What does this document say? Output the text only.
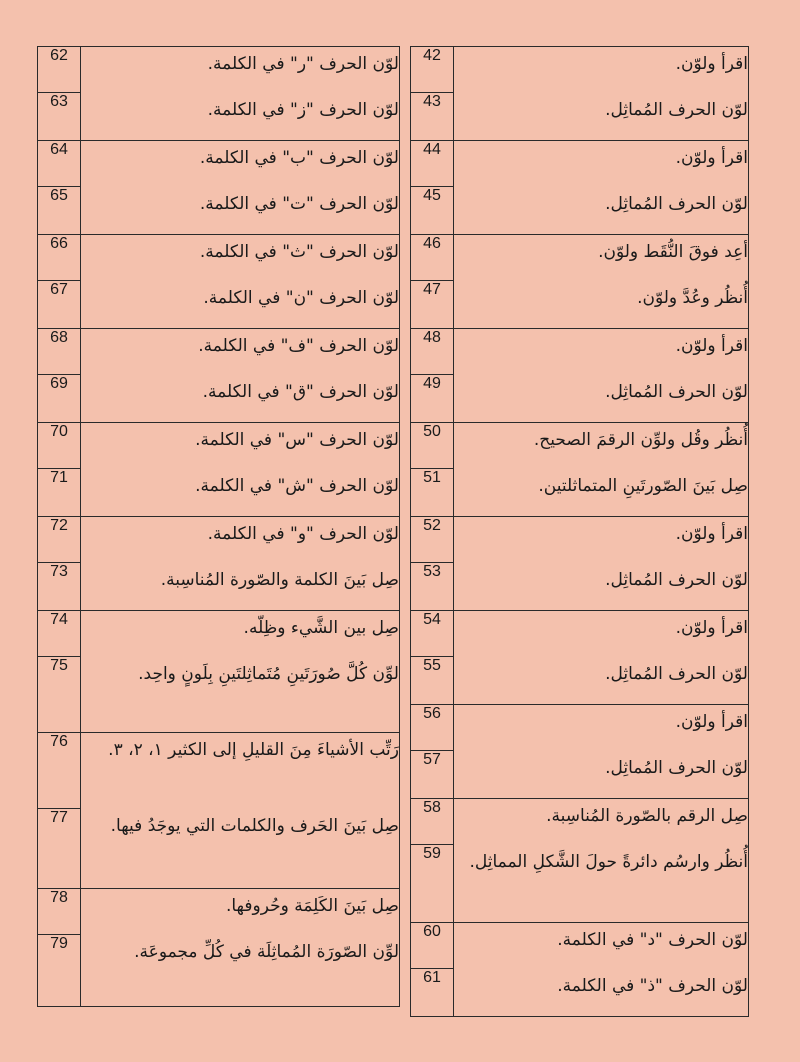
62	لوّن الحرف "ر" في الكلمة.
63	لوّن الحرف "ز" في الكلمة.
64	لوّن الحرف "ب" في الكلمة.
65	لوّن الحرف "ت" في الكلمة.
66	لوّن الحرف "ث" في الكلمة.
67	لوّن الحرف "ن" في الكلمة.
68	لوّن الحرف "ف" في الكلمة.
69	لوّن الحرف "ق" في الكلمة.
70	لوّن الحرف "س" في الكلمة.
71	لوّن الحرف "ش" في الكلمة.
72	لوّن الحرف "و" في الكلمة.
73	صِل بَينَ الكلمة والصّورة المُناسِبة.
74	صِل بين الشَّيء وظِلّه.
75	لوِّن كُلَّ صُورَتَينِ مُتَماثِلتَينِ بِلَونٍ واحِد.
76	رَتِّب الأشياءَ مِنَ القليلِ إلى الكثير ١، ٢، ٣.
77	صِل بَينَ الحَرف والكلمات التي يوجَدُ فيها.
78	صِل بَينَ الكَلِمَة وحُروفها.
79	لوِّن الصّورَة المُماثِلَة في كُلِّ مجموعَة.
42	اقرأ ولوّن.
43	لوّن الحرف المُماثِل.
44	اقرأ ولوّن.
45	لوّن الحرف المُماثِل.
46	أعِد فوقَ النُّقَط ولوّن.
47	أُنظُر وعُدَّ ولوّن.
48	اقرأ ولوّن.
49	لوّن الحرف المُماثِل.
50	أُنظُر وقُل ولوِّن الرقمَ الصحيح.
51	صِل بَينَ الصّورتَينِ المتماثلتين.
52	اقرأ ولوّن.
53	لوّن الحرف المُماثِل.
54	اقرأ ولوّن.
55	لوّن الحرف المُماثِل.
56	اقرأ ولوّن.
57	لوّن الحرف المُماثِل.
58	صِل الرقم بالصّورة المُناسِبة.
59	أُنظُر وارسُم دائرةً حولَ الشَّكلِ المماثِل.
60	لوّن الحرف "د" في الكلمة.
61	لوّن الحرف "ذ" في الكلمة.
